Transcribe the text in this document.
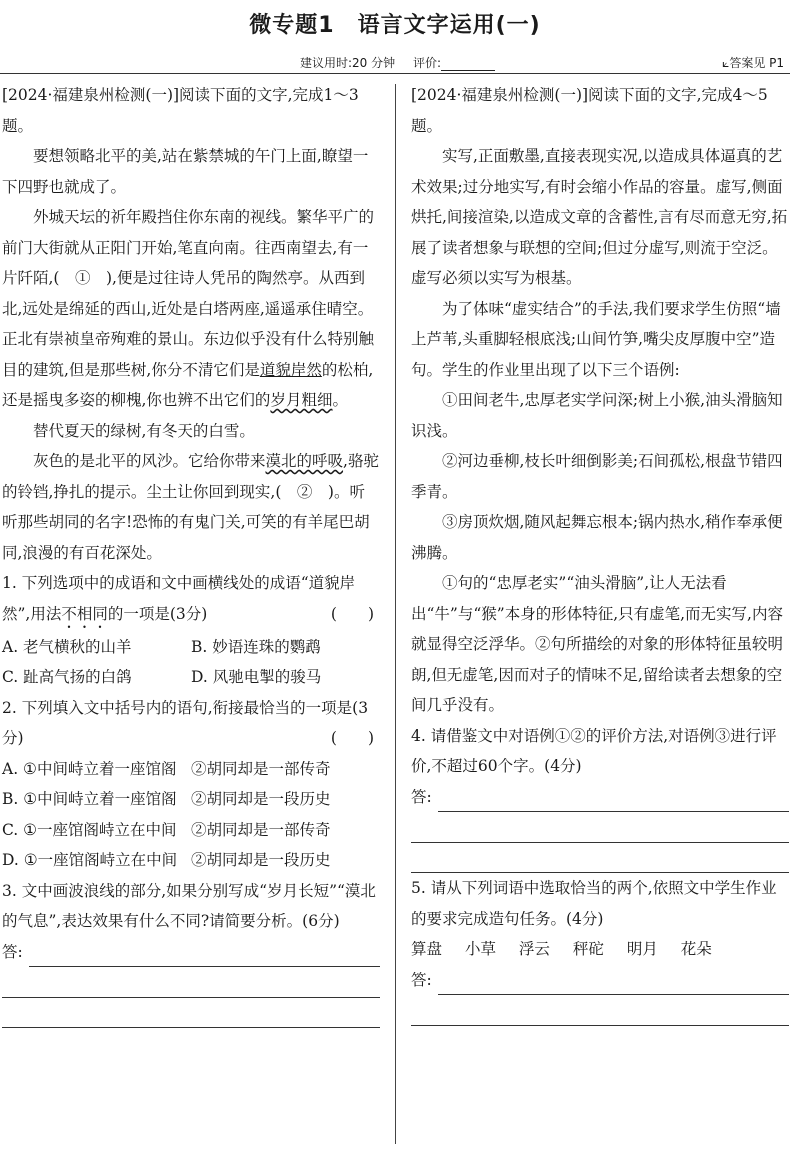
微专题1　语言文字运用(一)
建议用时:20 分钟 评价:	⟀答案见 P1

[2024·福建泉州检测(一)]阅读下面的文字,完成1～3题。

要想领略北平的美,站在紫禁城的午门上面,瞭望一下四野也就成了。

外城天坛的祈年殿挡住你东南的视线。繁华平广的前门大街就从正阳门开始,笔直向南。往西南望去,有一片阡陌,(　①　),便是过往诗人凭吊的陶然亭。从西到北,远处是绵延的西山,近处是白塔两座,遥遥承住晴空。正北有崇祯皇帝殉难的景山。东边似乎没有什么特别触目的建筑,但是那些树,你分不清它们是道貌岸然的松柏,还是摇曳多姿的柳槐,你也辨不出它们的岁月粗细。

替代夏天的绿树,有冬天的白雪。

灰色的是北平的风沙。它给你带来漠北的呼吸,骆驼的铃铛,挣扎的提示。尘土让你回到现实,(　②　)。听听那些胡同的名字!恐怖的有鬼门关,可笑的有羊尾巴胡同,浪漫的有百花深处。

1. 下列选项中的成语和文中画横线处的成语“道貌岸然”,用法不相同的一项是(3分)	(　　)

A. 老气横秋的山羊	B. 妙语连珠的鹦鹉
C. 趾高气扬的白鸽	D. 风驰电掣的骏马

2. 下列填入文中括号内的语句,衔接最恰当的一项是(3分)	(　　)

A. ①中间峙立着一座馆阁 ②胡同却是一部传奇
B. ①中间峙立着一座馆阁 ②胡同却是一段历史
C. ①一座馆阁峙立在中间 ②胡同却是一部传奇
D. ①一座馆阁峙立在中间 ②胡同却是一段历史

3. 文中画波浪线的部分,如果分别写成“岁月长短”“漠北的气息”,表达效果有什么不同?请简要分析。(6分)

答:

[2024·福建泉州检测(一)]阅读下面的文字,完成4～5题。

实写,正面敷墨,直接表现实况,以造成具体逼真的艺术效果;过分地实写,有时会缩小作品的容量。虚写,侧面烘托,间接渲染,以造成文章的含蓄性,言有尽而意无穷,拓展了读者想象与联想的空间;但过分虚写,则流于空泛。虚写必须以实写为根基。

为了体味“虚实结合”的手法,我们要求学生仿照“墙上芦苇,头重脚轻根底浅;山间竹笋,嘴尖皮厚腹中空”造句。学生的作业里出现了以下三个语例:

①田间老牛,忠厚老实学问深;树上小猴,油头滑脑知识浅。

②河边垂柳,枝长叶细倒影美;石间孤松,根盘节错四季青。

③房顶炊烟,随风起舞忘根本;锅内热水,稍作奉承便沸腾。

①句的“忠厚老实”“油头滑脑”,让人无法看出“牛”与“猴”本身的形体特征,只有虚笔,而无实写,内容就显得空泛浮华。②句所描绘的对象的形体特征虽较明朗,但无虚笔,因而对子的情味不足,留给读者去想象的空间几乎没有。

4. 请借鉴文中对语例①②的评价方法,对语例③进行评价,不超过60个字。(4分)

答:

5. 请从下列词语中选取恰当的两个,依照文中学生作业的要求完成造句任务。(4分)

算盘 小草 浮云 秤砣 明月 花朵
答:
